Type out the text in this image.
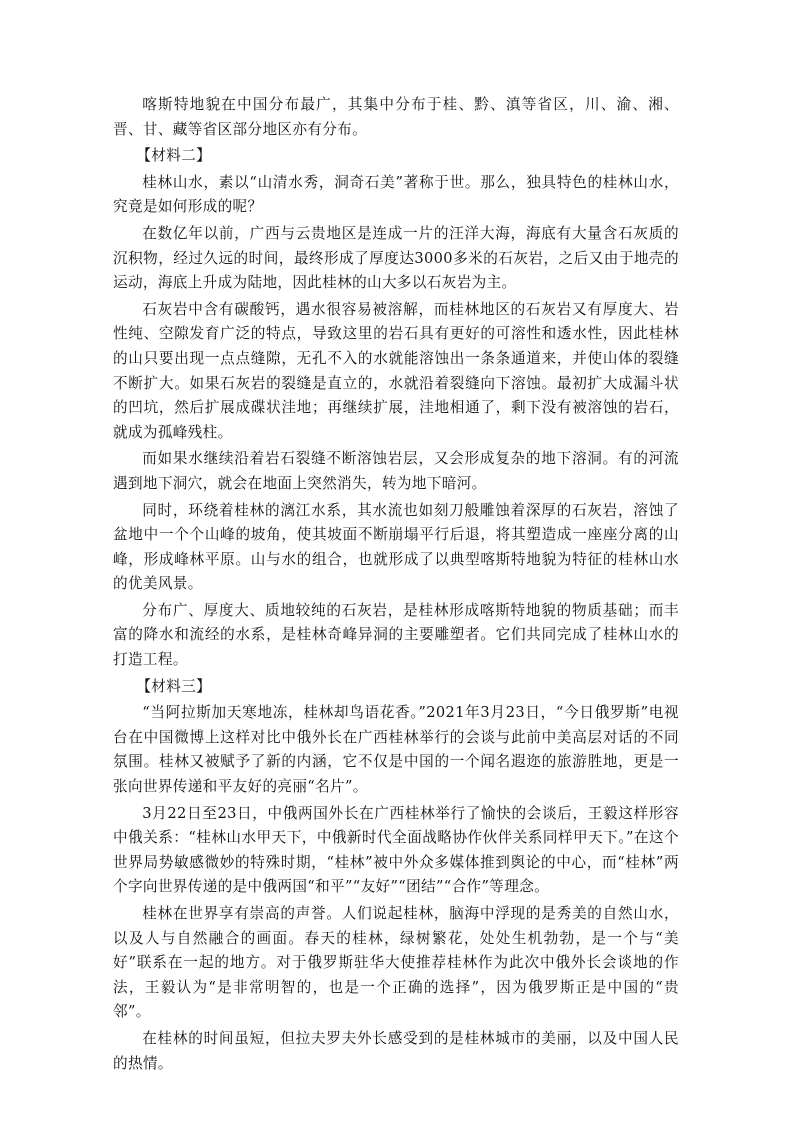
喀斯特地貌在中国分布最广，其集中分布于桂、黔、滇等省区，川、渝、湘、晋、甘、藏等省区部分地区亦有分布。

【材料二】

桂林山水，素以“山清水秀，洞奇石美”著称于世。那么，独具特色的桂林山水，究竟是如何形成的呢？

在数亿年以前，广西与云贵地区是连成一片的汪洋大海，海底有大量含石灰质的沉积物，经过久远的时间，最终形成了厚度达3000多米的石灰岩，之后又由于地壳的运动，海底上升成为陆地，因此桂林的山大多以石灰岩为主。

石灰岩中含有碳酸钙，遇水很容易被溶解，而桂林地区的石灰岩又有厚度大、岩性纯、空隙发育广泛的特点，导致这里的岩石具有更好的可溶性和透水性，因此桂林的山只要出现一点点缝隙，无孔不入的水就能溶蚀出一条条通道来，并使山体的裂缝不断扩大。如果石灰岩的裂缝是直立的，水就沿着裂缝向下溶蚀。最初扩大成漏斗状的凹坑，然后扩展成碟状洼地；再继续扩展，洼地相通了，剩下没有被溶蚀的岩石，就成为孤峰残柱。

而如果水继续沿着岩石裂缝不断溶蚀岩层，又会形成复杂的地下溶洞。有的河流遇到地下洞穴，就会在地面上突然消失，转为地下暗河。

同时，环绕着桂林的漓江水系，其水流也如刻刀般雕蚀着深厚的石灰岩，溶蚀了盆地中一个个山峰的坡角，使其坡面不断崩塌平行后退，将其塑造成一座座分离的山峰，形成峰林平原。山与水的组合，也就形成了以典型喀斯特地貌为特征的桂林山水的优美风景。

分布广、厚度大、质地较纯的石灰岩，是桂林形成喀斯特地貌的物质基础；而丰富的降水和流经的水系，是桂林奇峰异洞的主要雕塑者。它们共同完成了桂林山水的打造工程。

【材料三】

“当阿拉斯加天寒地冻，桂林却鸟语花香。”2021年3月23日，“今日俄罗斯”电视台在中国微博上这样对比中俄外长在广西桂林举行的会谈与此前中美高层对话的不同氛围。桂林又被赋予了新的内涵，它不仅是中国的一个闻名遐迩的旅游胜地，更是一张向世界传递和平友好的亮丽“名片”。

3月22日至23日，中俄两国外长在广西桂林举行了愉快的会谈后，王毅这样形容中俄关系：“桂林山水甲天下，中俄新时代全面战略协作伙伴关系同样甲天下。”在这个世界局势敏感微妙的特殊时期，“桂林”被中外众多媒体推到舆论的中心，而“桂林”两个字向世界传递的是中俄两国“和平”“友好”“团结”“合作”等理念。

桂林在世界享有崇高的声誉。人们说起桂林，脑海中浮现的是秀美的自然山水，以及人与自然融合的画面。春天的桂林，绿树繁花，处处生机勃勃，是一个与“美好”联系在一起的地方。对于俄罗斯驻华大使推荐桂林作为此次中俄外长会谈地的作法，王毅认为“是非常明智的，也是一个正确的选择”，因为俄罗斯正是中国的“贵邻”。

在桂林的时间虽短，但拉夫罗夫外长感受到的是桂林城市的美丽，以及中国人民的热情。
